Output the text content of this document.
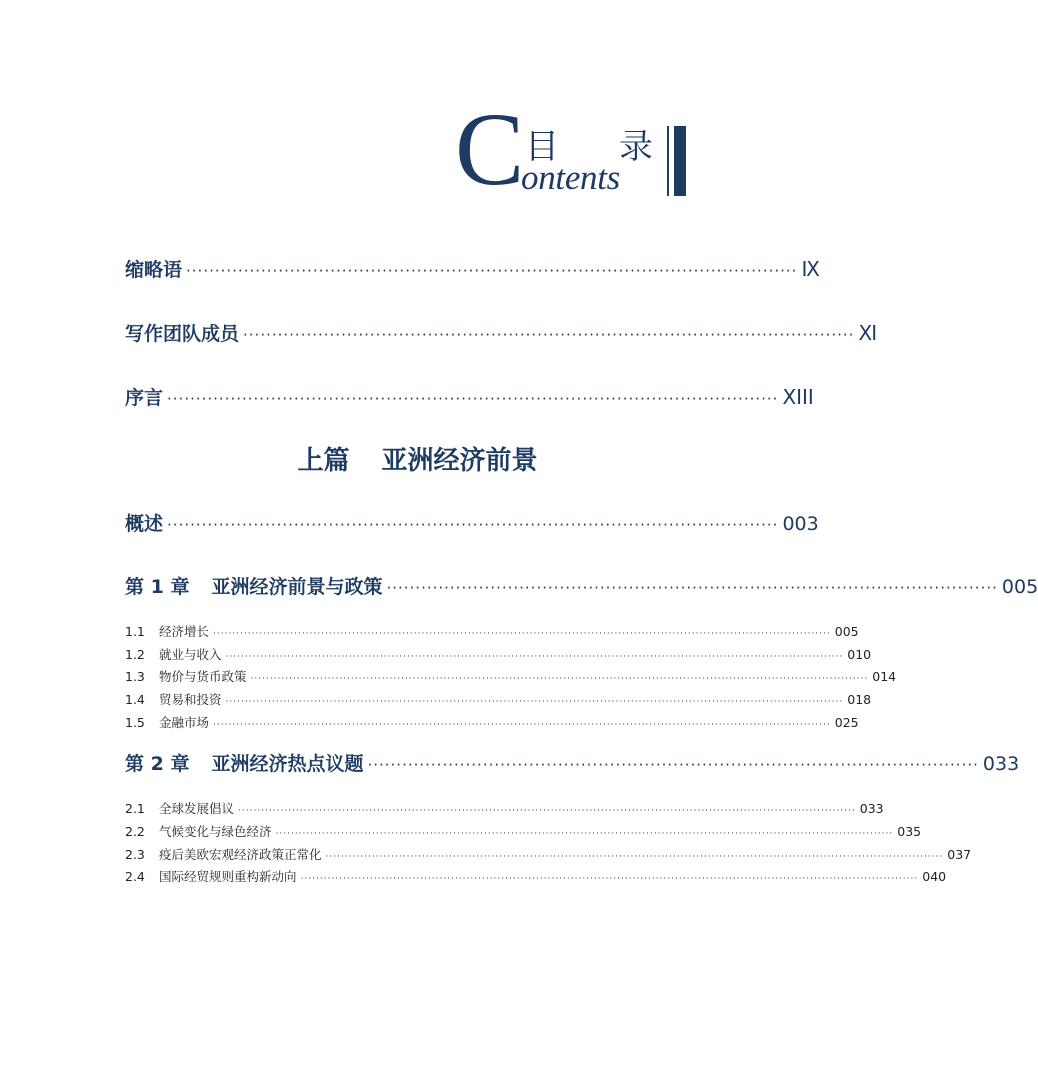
C 目 录
ontents
缩略语 ·········································································································· Ⅸ
写作团队成员 ·········································································································· Ⅺ
序言 ·········································································································· XIII
上篇 亚洲经济前景
概述 ·········································································································· 003
第 1 章 亚洲经济前景与政策 ·········································································································· 005
1.1 经济增长 ································································································································································ 005
1.2 就业与收入 ································································································································································ 010
1.3 物价与货币政策 ································································································································································ 014
1.4 贸易和投资 ································································································································································ 018
1.5 金融市场 ································································································································································ 025
第 2 章 亚洲经济热点议题 ·········································································································· 033
2.1 全球发展倡议 ································································································································································ 033
2.2 气候变化与绿色经济 ································································································································································ 035
2.3 疫后美欧宏观经济政策正常化 ································································································································································ 037
2.4 国际经贸规则重构新动向 ································································································································································ 040
